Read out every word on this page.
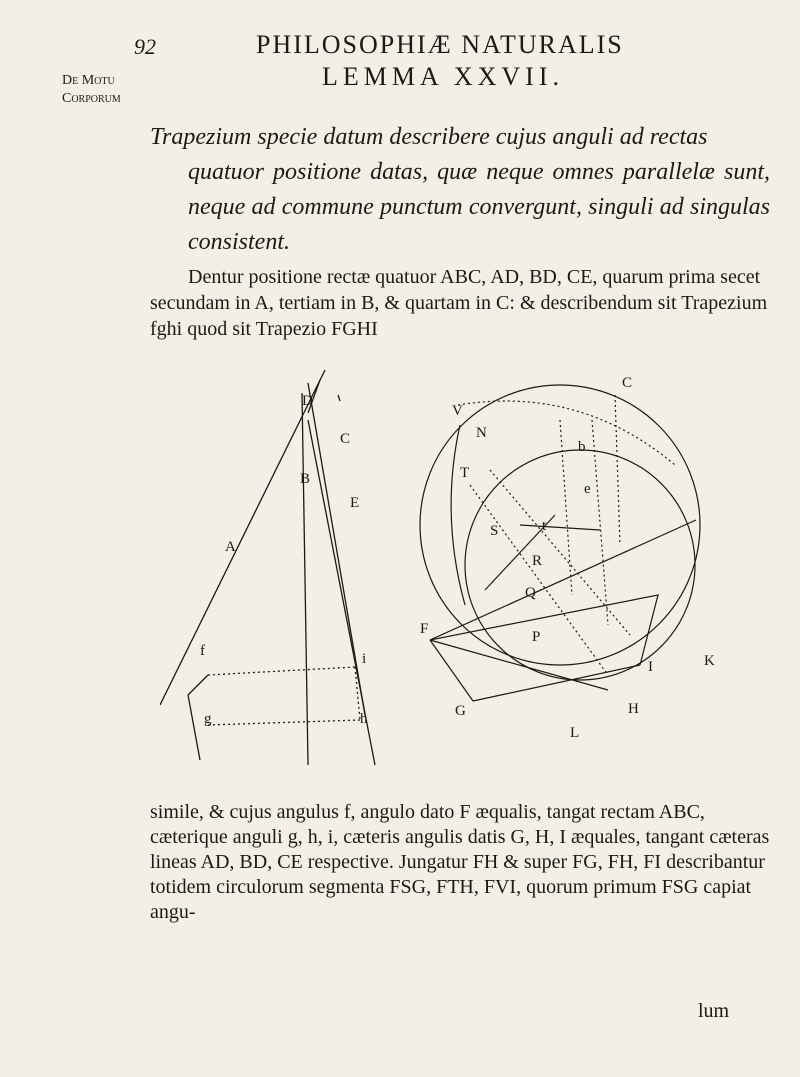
92	PHILOSOPHIÆ NATURALIS
De Motu
Corporum
LEMMA XXVII.
Trapezium specie datum describere cujus anguli ad rectas
quatuor positione datas, quæ neque omnes parallelæ sunt, neque ad commune punctum convergunt, singuli ad singulas consistent.
Dentur positione rectæ quatuor ABC, AD, BD, CE, quarum prima secet secundam in A, tertiam in B, & quartam in C: & describendum sit Trapezium fghi quod sit Trapezio FGHI
D
C
B
E
A
f
g
i
h
V
N
T
S
F
G
L
H
K
I
C
R
Q
P
t
b
e
simile, & cujus angulus f, angulo dato F æqualis, tangat rectam ABC, cæterique anguli g, h, i, cæteris angulis datis G, H, I æquales, tangant cæteras lineas AD, BD, CE respective. Jungatur FH & super FG, FH, FI describantur totidem circulorum segmenta FSG, FTH, FVI, quorum primum FSG capiat angu-
lum
